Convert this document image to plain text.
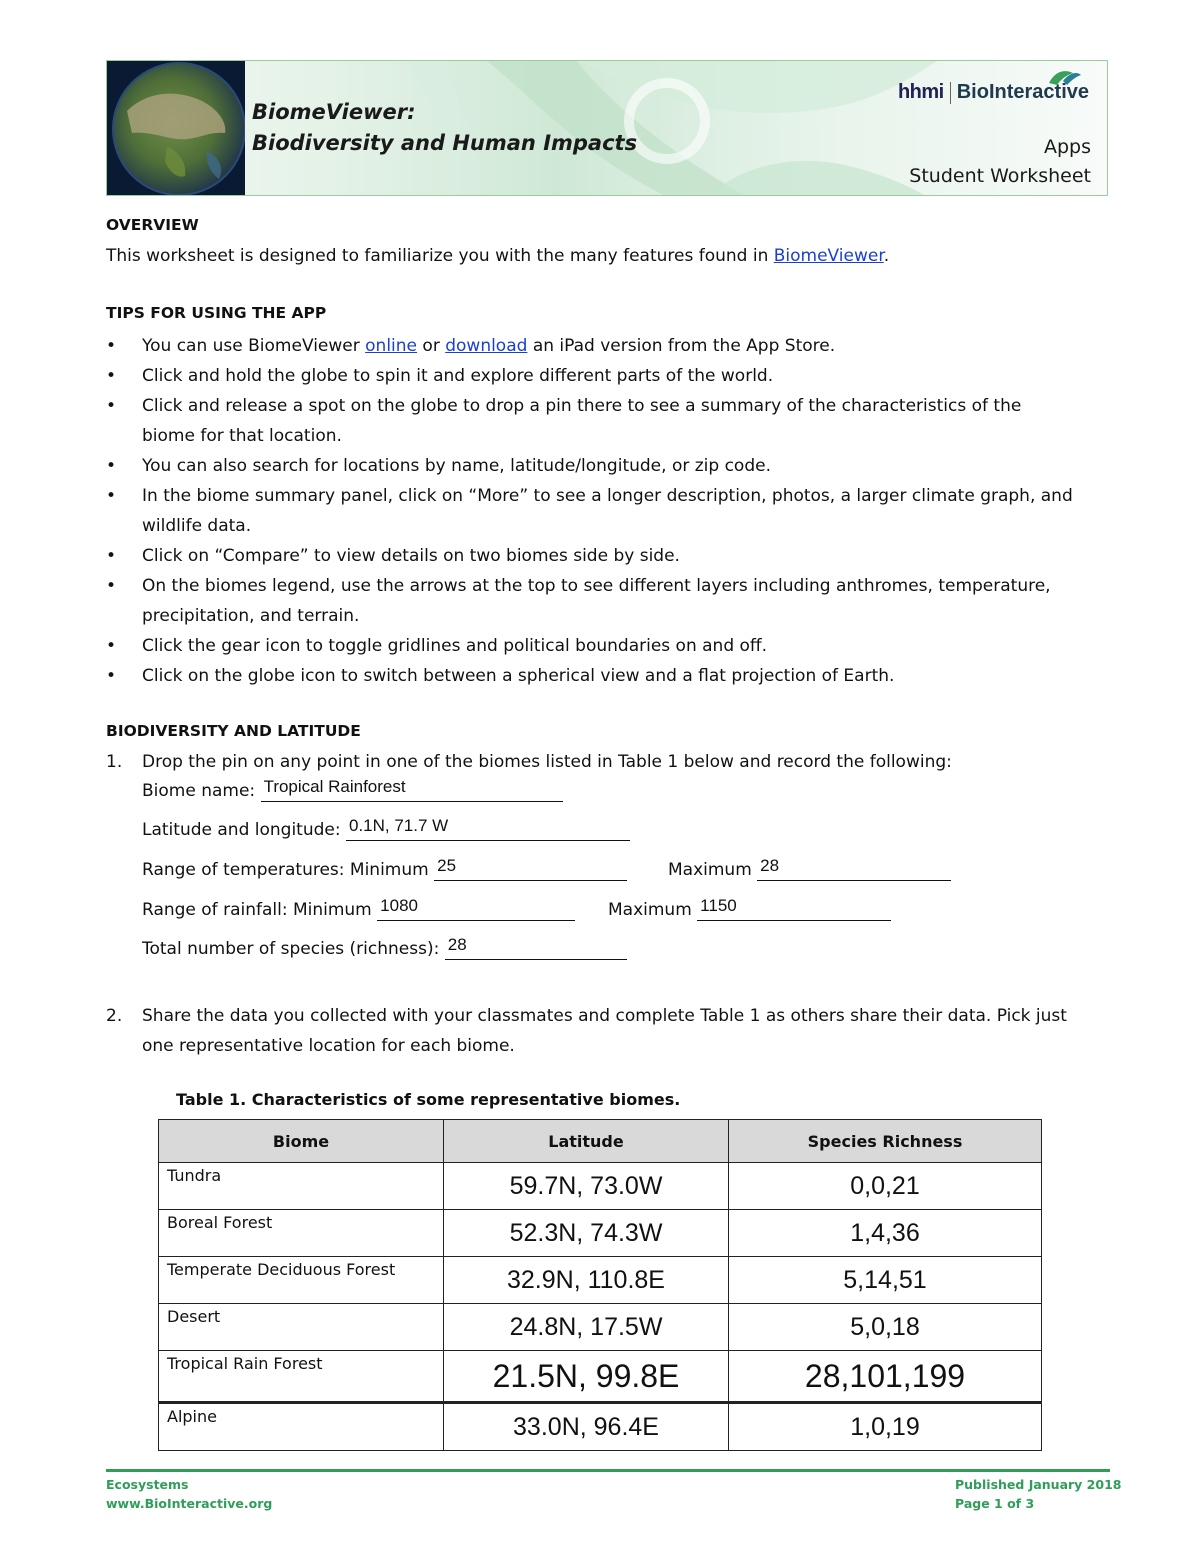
BiomeViewer:
Biodiversity and Human Impacts
hhmi BioInteractive
Apps
Student Worksheet
OVERVIEW
This worksheet is designed to familiarize you with the many features found in BiomeViewer.
TIPS FOR USING THE APP
• You can use BiomeViewer online or download an iPad version from the App Store.
• Click and hold the globe to spin it and explore different parts of the world.
• Click and release a spot on the globe to drop a pin there to see a summary of the characteristics of the biome for that location.
• You can also search for locations by name, latitude/longitude, or zip code.
• In the biome summary panel, click on “More” to see a longer description, photos, a larger climate graph, and wildlife data.
• Click on “Compare” to view details on two biomes side by side.
• On the biomes legend, use the arrows at the top to see different layers including anthromes, temperature, precipitation, and terrain.
• Click the gear icon to toggle gridlines and political boundaries on and off.
• Click on the globe icon to switch between a spherical view and a flat projection of Earth.
BIODIVERSITY AND LATITUDE
1. Drop the pin on any point in one of the biomes listed in Table 1 below and record the following:
Biome name: Tropical Rainforest
Latitude and longitude: 0.1N, 71.7 W
Range of temperatures: Minimum 25	Maximum 28
Range of rainfall: Minimum 1080	Maximum 1150
Total number of species (richness): 28
2.	Share the data you collected with your classmates and complete Table 1 as others share their data. Pick just one representative location for each biome.
Table 1. Characteristics of some representative biomes.
Biome	Latitude	Species Richness
Tundra	59.7N, 73.0W	0,0,21
Boreal Forest	52.3N, 74.3W	1,4,36
Temperate Deciduous Forest	32.9N, 110.8E	5,14,51
Desert	24.8N, 17.5W	5,0,18
Tropical Rain Forest	21.5N, 99.8E	28,101,199
Alpine	33.0N, 96.4E	1,0,19
Ecosystems
www.BioInteractive.org
Published January 2018
Page 1 of 3
